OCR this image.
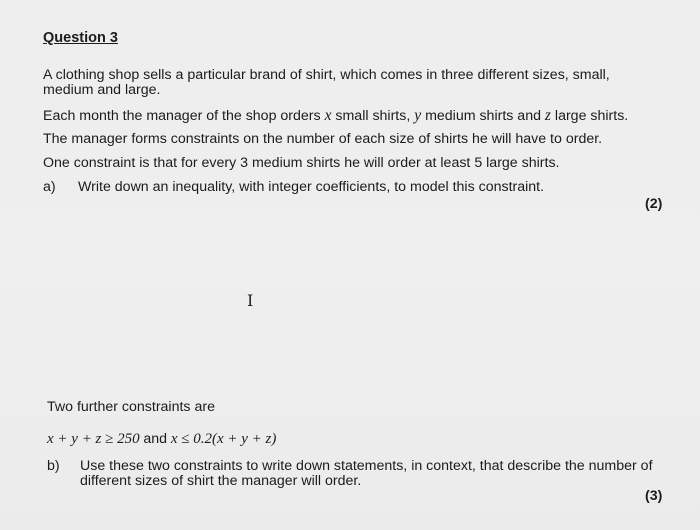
Question 3
A clothing shop sells a particular brand of shirt, which comes in three different sizes, small,
medium and large.
Each month the manager of the shop orders x small shirts, y medium shirts and z large shirts.
The manager forms constraints on the number of each size of shirts he will have to order.
One constraint is that for every 3 medium shirts he will order at least 5 large shirts.
a) Write down an inequality, with integer coefficients, to model this constraint.
(2)
I
Two further constraints are
x + y + z ≥ 250 and x ≤ 0.2(x + y + z)
b) Use these two constraints to write down statements, in context, that describe the number of
different sizes of shirt the manager will order.
(3)
